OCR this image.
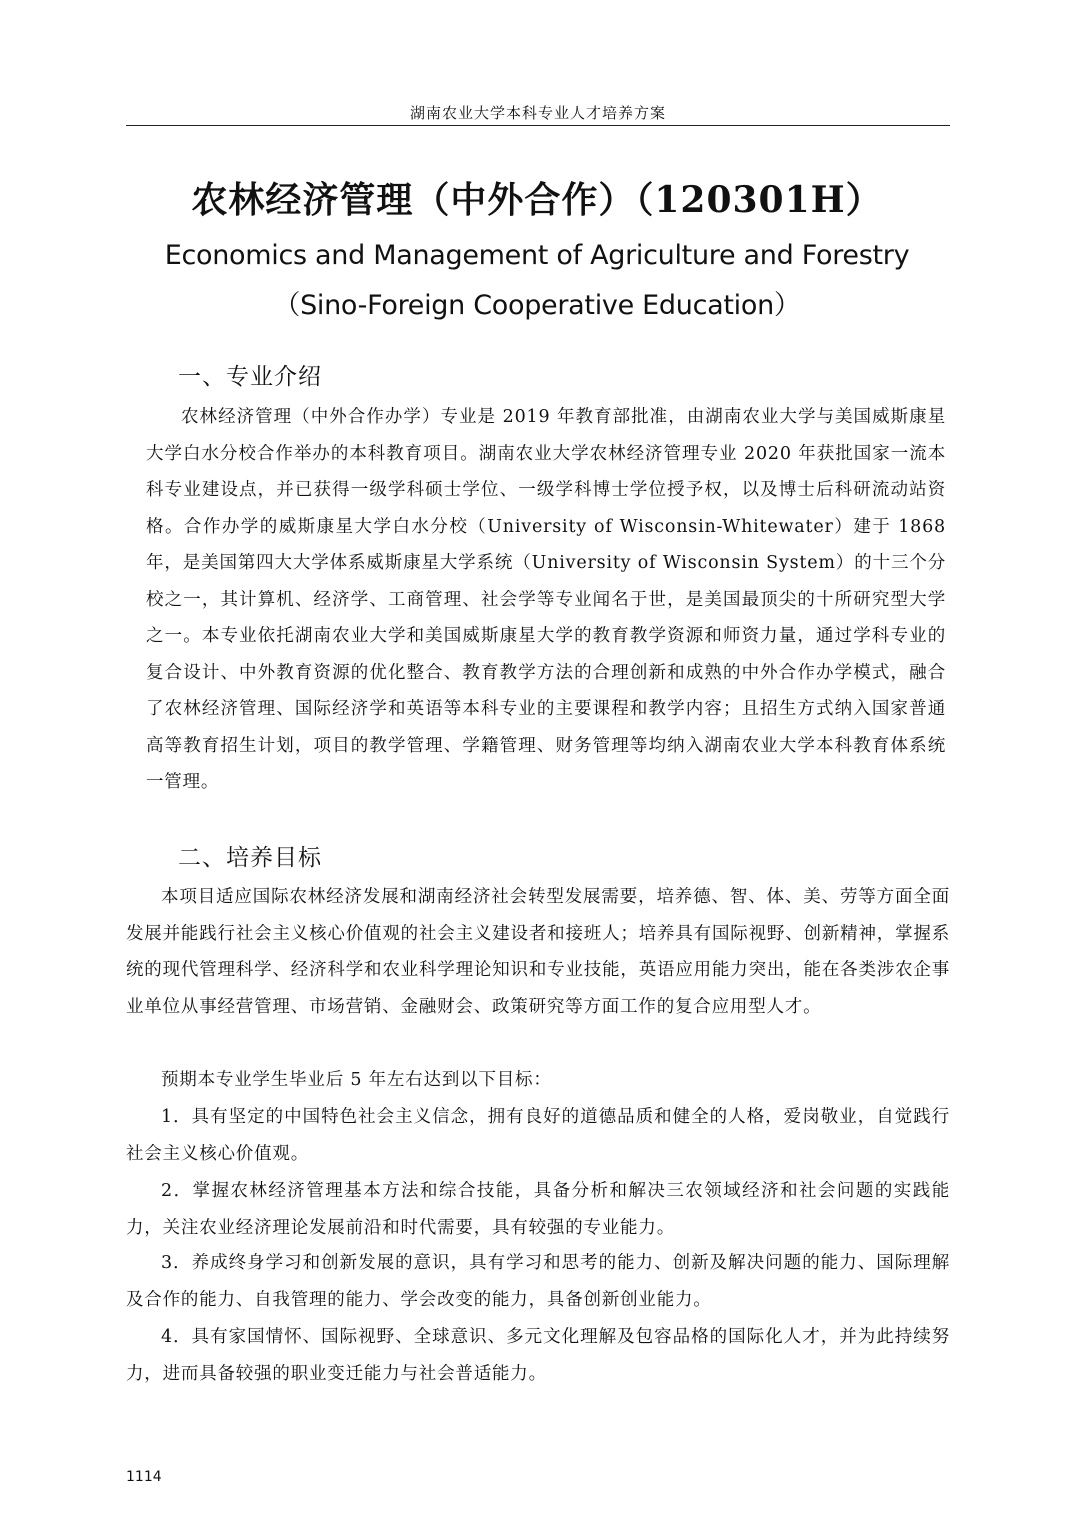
湖南农业大学本科专业人才培养方案
农林经济管理（中外合作）（120301H）
Economics and Management of Agriculture and Forestry
（Sino-Foreign Cooperative Education）
一、专业介绍

农林经济管理（中外合作办学）专业是 2019 年教育部批准，由湖南农业大学与美国威斯康星大学白水分校合作举办的本科教育项目。湖南农业大学农林经济管理专业 2020 年获批国家一流本科专业建设点，并已获得一级学科硕士学位、一级学科博士学位授予权，以及博士后科研流动站资格。合作办学的威斯康星大学白水分校（University of Wisconsin-Whitewater）建于 1868 年，是美国第四大大学体系威斯康星大学系统（University of Wisconsin System）的十三个分校之一，其计算机、经济学、工商管理、社会学等专业闻名于世，是美国最顶尖的十所研究型大学之一。本专业依托湖南农业大学和美国威斯康星大学的教育教学资源和师资力量，通过学科专业的复合设计、中外教育资源的优化整合、教育教学方法的合理创新和成熟的中外合作办学模式，融合了农林经济管理、国际经济学和英语等本科专业的主要课程和教学内容；且招生方式纳入国家普通高等教育招生计划，项目的教学管理、学籍管理、财务管理等均纳入湖南农业大学本科教育体系统一管理。

二、培养目标

本项目适应国际农林经济发展和湖南经济社会转型发展需要，培养德、智、体、美、劳等方面全面发展并能践行社会主义核心价值观的社会主义建设者和接班人；培养具有国际视野、创新精神，掌握系统的现代管理科学、经济科学和农业科学理论知识和专业技能，英语应用能力突出，能在各类涉农企事业单位从事经营管理、市场营销、金融财会、政策研究等方面工作的复合应用型人才。

预期本专业学生毕业后 5 年左右达到以下目标：

1．具有坚定的中国特色社会主义信念，拥有良好的道德品质和健全的人格，爱岗敬业，自觉践行社会主义核心价值观。

2．掌握农林经济管理基本方法和综合技能，具备分析和解决三农领域经济和社会问题的实践能力，关注农业经济理论发展前沿和时代需要，具有较强的专业能力。

3．养成终身学习和创新发展的意识，具有学习和思考的能力、创新及解决问题的能力、国际理解及合作的能力、自我管理的能力、学会改变的能力，具备创新创业能力。

4．具有家国情怀、国际视野、全球意识、多元文化理解及包容品格的国际化人才，并为此持续努力，进而具备较强的职业变迁能力与社会普适能力。

1114
